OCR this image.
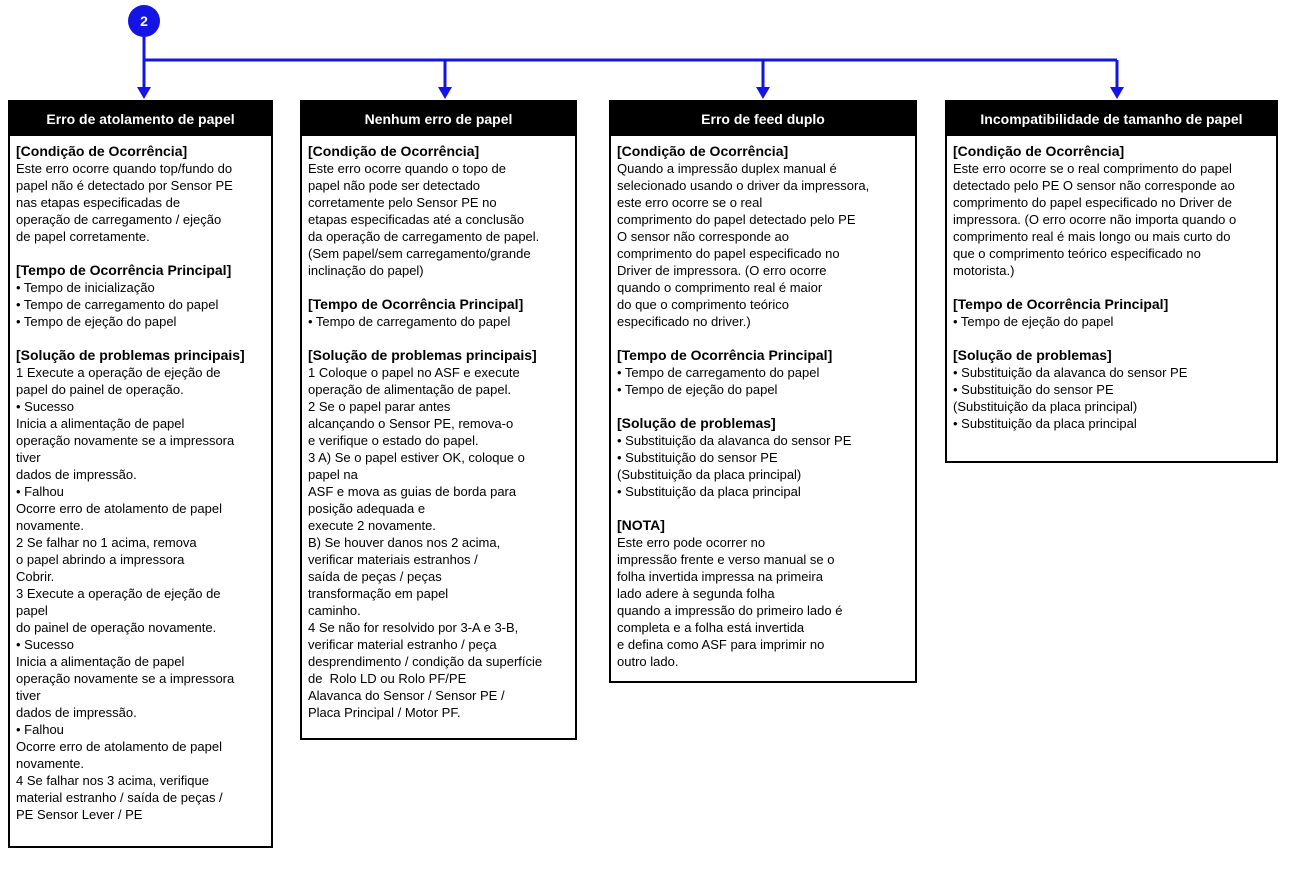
2
Erro de atolamento de papel
[Condição de Ocorrência]
Este erro ocorre quando top/fundo do
papel não é detectado por Sensor PE
nas etapas especificadas de
operação de carregamento / ejeção
de papel corretamente.
[Tempo de Ocorrência Principal]
• Tempo de inicialização
• Tempo de carregamento do papel
• Tempo de ejeção do papel
[Solução de problemas principais]
1 Execute a operação de ejeção de
papel do painel de operação.
• Sucesso
Inicia a alimentação de papel
operação novamente se a impressora
tiver
dados de impressão.
• Falhou
Ocorre erro de atolamento de papel
novamente.
2 Se falhar no 1 acima, remova
o papel abrindo a impressora
Cobrir.
3 Execute a operação de ejeção de
papel
do painel de operação novamente.
• Sucesso
Inicia a alimentação de papel
operação novamente se a impressora
tiver
dados de impressão.
• Falhou
Ocorre erro de atolamento de papel
novamente.
4 Se falhar nos 3 acima, verifique
material estranho / saída de peças /
PE Sensor Lever / PE
Nenhum erro de papel
[Condição de Ocorrência]
Este erro ocorre quando o topo de
papel não pode ser detectado
corretamente pelo Sensor PE no
etapas especificadas até a conclusão
da operação de carregamento de papel.
(Sem papel/sem carregamento/grande
inclinação do papel)
[Tempo de Ocorrência Principal]
• Tempo de carregamento do papel
[Solução de problemas principais]
1 Coloque o papel no ASF e execute
operação de alimentação de papel.
2 Se o papel parar antes
alcançando o Sensor PE, remova-o
e verifique o estado do papel.
3 A) Se o papel estiver OK, coloque o
papel na
ASF e mova as guias de borda para
posição adequada e
execute 2 novamente.
B) Se houver danos nos 2 acima,
verificar materiais estranhos /
saída de peças / peças
transformação em papel
caminho.
4 Se não for resolvido por 3-A e 3-B,
verificar material estranho / peça
desprendimento / condição da superfície
de  Rolo LD ou Rolo PF/PE
Alavanca do Sensor / Sensor PE /
Placa Principal / Motor PF.
Erro de feed duplo
[Condição de Ocorrência]
Quando a impressão duplex manual é
selecionado usando o driver da impressora,
este erro ocorre se o real
comprimento do papel detectado pelo PE
O sensor não corresponde ao
comprimento do papel especificado no
Driver de impressora. (O erro ocorre
quando o comprimento real é maior
do que o comprimento teórico
especificado no driver.)
[Tempo de Ocorrência Principal]
• Tempo de carregamento do papel
• Tempo de ejeção do papel
[Solução de problemas]
• Substituição da alavanca do sensor PE
• Substituição do sensor PE
(Substituição da placa principal)
• Substituição da placa principal
[NOTA]
Este erro pode ocorrer no
impressão frente e verso manual se o
folha invertida impressa na primeira
lado adere à segunda folha
quando a impressão do primeiro lado é
completa e a folha está invertida
e defina como ASF para imprimir no
outro lado.
Incompatibilidade de tamanho de papel
[Condição de Ocorrência]
Este erro ocorre se o real comprimento do papel
detectado pelo PE O sensor não corresponde ao
comprimento do papel especificado no Driver de
impressora. (O erro ocorre não importa quando o
comprimento real é mais longo ou mais curto do
que o comprimento teórico especificado no
motorista.)
[Tempo de Ocorrência Principal]
• Tempo de ejeção do papel
[Solução de problemas]
• Substituição da alavanca do sensor PE
• Substituição do sensor PE
(Substituição da placa principal)
• Substituição da placa principal
